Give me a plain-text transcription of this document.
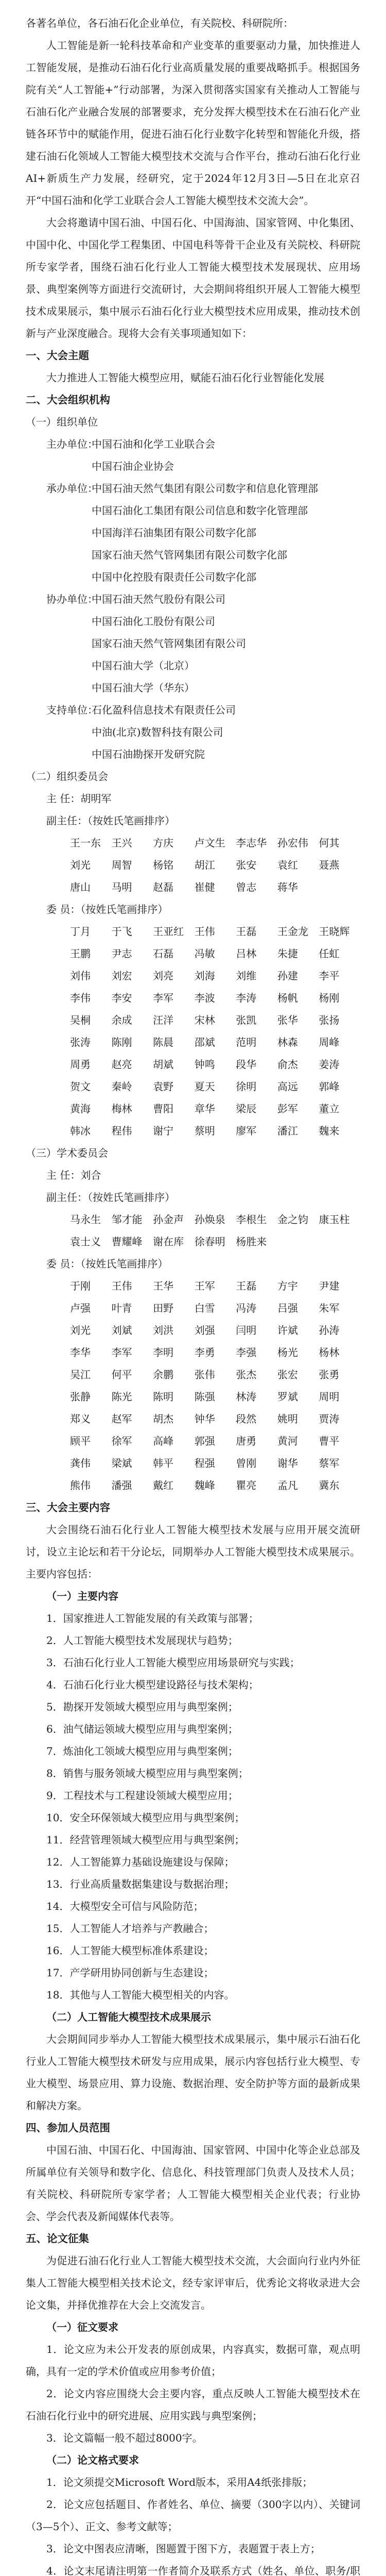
各著名单位，各石油石化企业单位，有关院校、科研院所：

人工智能是新一轮科技革命和产业变革的重要驱动力量，加快推进人工智能发展，是推动石油石化行业高质量发展的重要战略抓手。根据国务院有关“人工智能+”行动部署，为深入贯彻落实国家有关推动人工智能与石油石化产业融合发展的部署要求，充分发挥大模型技术在石油石化产业链各环节中的赋能作用，促进石油石化行业数字化转型和智能化升级，搭建石油石化领域人工智能大模型技术交流与合作平台，推动石油石化行业AI+新质生产力发展，经研究，定于2024年12月3日—5日在北京召开“中国石油和化学工业联合会人工智能大模型技术交流大会”。

大会将邀请中国石油、中国石化、中国海油、国家管网、中化集团、中国中化、中国化学工程集团、中国电科等骨干企业及有关院校、科研院所专家学者，围绕石油石化行业人工智能大模型技术发展现状、应用场景、典型案例等方面进行交流研讨，大会期间将组织开展人工智能大模型技术成果展示，集中展示石油石化行业大模型技术应用成果，推动技术创新与产业深度融合。现将大会有关事项通知如下：

一、大会主题

大力推进人工智能大模型应用，赋能石油石化行业智能化发展

二、大会组织机构

（一）组织单位

主办单位：
中国石油和化学工业联合会
中国石油企业协会
承办单位：
中国石油天然气集团有限公司数字和信息化管理部
中国石油化工集团有限公司信息和数字化管理部
中国海洋石油集团有限公司数字化部
国家石油天然气管网集团有限公司数字化部
中国中化控股有限责任公司数字化部
协办单位：
中国石油天然气股份有限公司
中国石油化工股份有限公司
国家石油天然气管网集团有限公司
中国石油大学（北京）
中国石油大学（华东）
支持单位：
石化盈科信息技术有限责任公司
中油(北京)数智科技有限公司
中国石油勘探开发研究院

（二）组织委员会

主 任：胡明军

副主任：（按姓氏笔画排序）

王一东	王兴	方庆	卢文生	李志华	孙宏伟	何其
刘光	周智	杨铭	胡江	张安	袁红	聂燕
唐山	马明	赵磊	崔健	曾志	蒋华

委 员：（按姓氏笔画排序）

丁月	于飞	王亚红	王伟	王磊	王金龙	王晓辉
王鹏	尹志	石磊	冯敏	吕林	朱捷	任虹
刘伟	刘宏	刘亮	刘海	刘维	孙建	李平
李伟	李安	李军	李波	李涛	杨帆	杨刚
吴桐	余成	汪洋	宋林	张凯	张华	张扬
张涛	陈刚	陈晨	邵斌	范明	林森	周峰
周勇	赵亮	胡斌	钟鸣	段华	俞杰	姜涛
贺文	秦岭	袁野	夏天	徐明	高远	郭峰
黄海	梅林	曹阳	章华	梁辰	彭军	董立
韩冰	程伟	谢宁	蔡明	廖军	潘江	魏来

（三）学术委员会

主 任：刘合

副主任：（按姓氏笔画排序）

马永生	邹才能	孙金声	孙焕泉	李根生	金之钧	康玉柱
袁士义	曹耀峰	谢在库	徐春明	杨胜来

委 员：（按姓氏笔画排序）

于刚	王伟	王华	王军	王磊	方宇	尹建
卢强	叶青	田野	白雪	冯涛	吕强	朱军
刘光	刘斌	刘洪	刘强	闫明	许斌	孙涛
李华	李军	李明	李勇	李强	杨光	杨林
吴江	何平	余鹏	张伟	张杰	张宏	张勇
张静	陈光	陈明	陈强	林涛	罗斌	周明
郑义	赵军	胡杰	钟华	段然	姚明	贾涛
顾平	徐军	高峰	郭强	唐勇	黄河	曹平
龚伟	梁斌	韩平	程强	曾刚	谢华	蔡军
熊伟	潘强	戴红	魏峰	瞿亮	孟凡	冀东

三、大会主要内容

大会围绕石油石化行业人工智能大模型技术发展与应用开展交流研讨，设立主论坛和若干分论坛，同期举办人工智能大模型技术成果展示。主要内容包括：

（一）主要内容

1．国家推进人工智能发展的有关政策与部署；

2．人工智能大模型技术发展现状与趋势；

3．石油石化行业人工智能大模型应用场景研究与实践；

4．石油石化行业大模型建设路径与技术架构；

5．勘探开发领域大模型应用与典型案例；

6．油气储运领域大模型应用与典型案例；

7．炼油化工领域大模型应用与典型案例；

8．销售与服务领域大模型应用与典型案例；

9．工程技术与工程建设领域大模型应用；

10．安全环保领域大模型应用与典型案例；

11．经营管理领域大模型应用与典型案例；

12．人工智能算力基础设施建设与保障；

13．行业高质量数据集建设与数据治理；

14．大模型安全可信与风险防范；

15．人工智能人才培养与产教融合；

16．人工智能大模型标准体系建设；

17．产学研用协同创新与生态建设；

18．其他与人工智能大模型相关的内容。

（二）人工智能大模型技术成果展示

大会期间同步举办人工智能大模型技术成果展示，集中展示石油石化行业人工智能大模型技术研发与应用成果，展示内容包括行业大模型、专业大模型、场景应用、算力设施、数据治理、安全防护等方面的最新成果和解决方案。

四、参加人员范围

中国石油、中国石化、中国海油、国家管网、中国中化等企业总部及所属单位有关领导和数字化、信息化、科技管理部门负责人及技术人员；有关院校、科研院所专家学者；人工智能大模型相关企业代表；行业协会、学会代表及新闻媒体代表等。

五、论文征集

为促进石油石化行业人工智能大模型技术交流，大会面向行业内外征集人工智能大模型相关技术论文，经专家评审后，优秀论文将收录进大会论文集，并择优推荐在大会上交流发言。

（一）征文要求

1．论文应为未公开发表的原创成果，内容真实，数据可靠，观点明确，具有一定的学术价值或应用参考价值；

2．论文内容应围绕大会主要内容，重点反映人工智能大模型技术在石油石化行业中的研究进展、应用实践与典型案例；

3．论文篇幅一般不超过8000字。

（二）论文格式要求

1．论文须提交Microsoft Word版本，采用A4纸张排版；

2．论文应包括题目、作者姓名、单位、摘要（300字以内）、关键词（3—5个）、正文、参考文献等；

3．论文中图表应清晰，图题置于图下方，表题置于表上方；

4．论文末尾请注明第一作者简介及联系方式（姓名、单位、职务/职
